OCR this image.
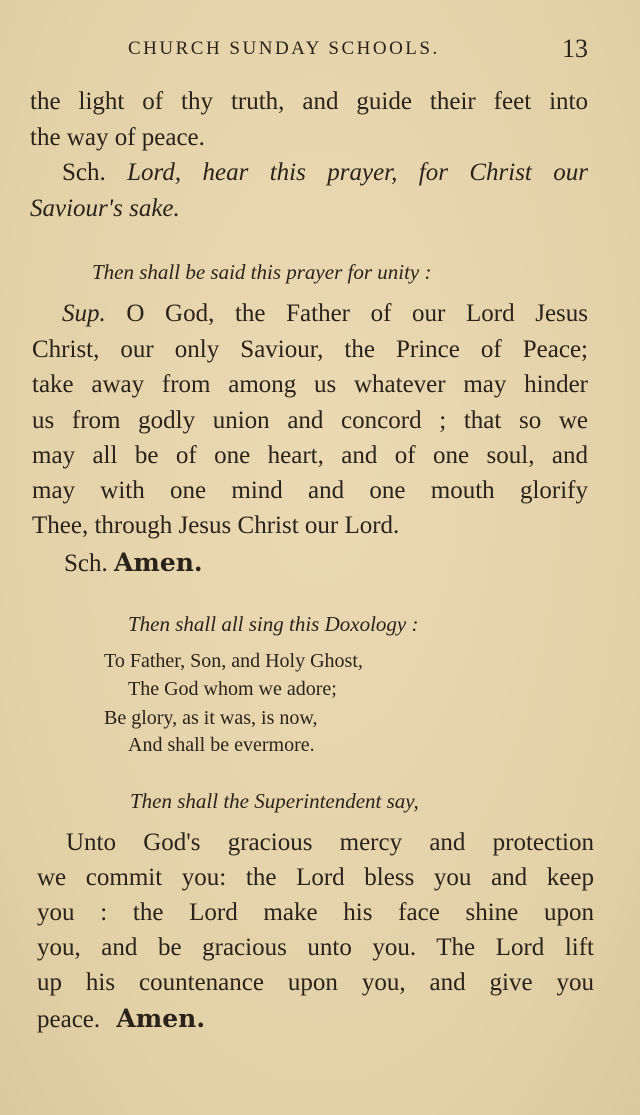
CHURCH SUNDAY SCHOOLS.	13
the light of thy truth, and guide their feet into
the way of peace.
Sch. Lord, hear this prayer, for Christ our
Saviour's sake.
Then shall be said this prayer for unity :
Sup. O God, the Father of our Lord Jesus
Christ, our only Saviour, the Prince of Peace;
take away from among us whatever may hinder
us from godly union and concord ; that so we
may all be of one heart, and of one soul, and
may with one mind and one mouth glorify
Thee, through Jesus Christ our Lord.
Sch. Amen.
Then shall all sing this Doxology :
To Father, Son, and Holy Ghost,
The God whom we adore;
Be glory, as it was, is now,
And shall be evermore.
Then shall the Superintendent say,
Unto God's gracious mercy and protection
we commit you: the Lord bless you and keep
you : the Lord make his face shine upon
you, and be gracious unto you. The Lord lift
up his countenance upon you, and give you
peace. Amen.
